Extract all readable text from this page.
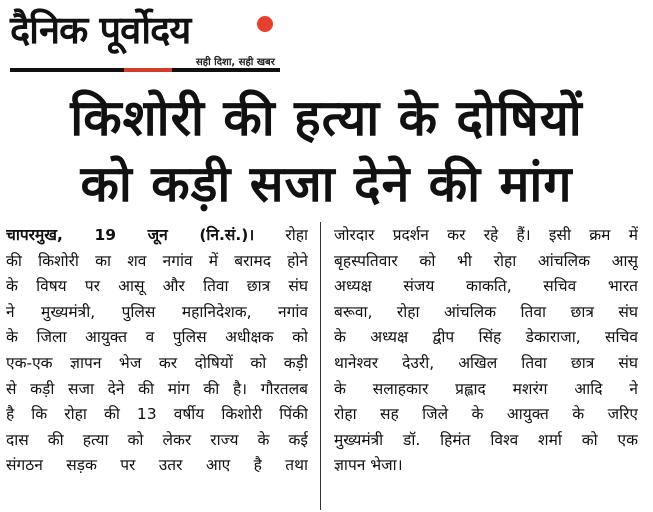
दैनिक पूर्वोदय
सही दिशा, सही खबर
किशोरी की हत्या के दोषियों
को कड़ी सजा देने की मांग
चापरमुख, 19 जून (नि.सं.)। रोहा
की किशोरी का शव नगांव में बरामद होने
के विषय पर आसू और तिवा छात्र संघ
ने मुख्यमंत्री, पुलिस महानिदेशक, नगांव
के जिला आयुक्त व पुलिस अधीक्षक को
एक-एक ज्ञापन भेज कर दोषियों को कड़ी
से कड़ी सजा देने की मांग की है। गौरतलब
है कि रोहा की 13 वर्षीय किशोरी पिंकी
दास की हत्या को लेकर राज्य के कई
संगठन सड़क पर उतर आए है तथा
जोरदार प्रदर्शन कर रहे हैं। इसी क्रम में
बृहस्पतिवार को भी रोहा आंचलिक आसू
अध्यक्ष संजय काकति, सचिव भारत
बरूवा, रोहा आंचलिक तिवा छात्र संघ
के अध्यक्ष द्वीप सिंह डेकाराजा, सचिव
थानेश्वर देउरी, अखिल तिवा छात्र संघ
के सलाहकार प्रह्लाद मशरंग आदि ने
रोहा सह जिले के आयुक्त के जरिए
मुख्यमंत्री डॉ. हिमंत विश्व शर्मा को एक
ज्ञापन भेजा।
